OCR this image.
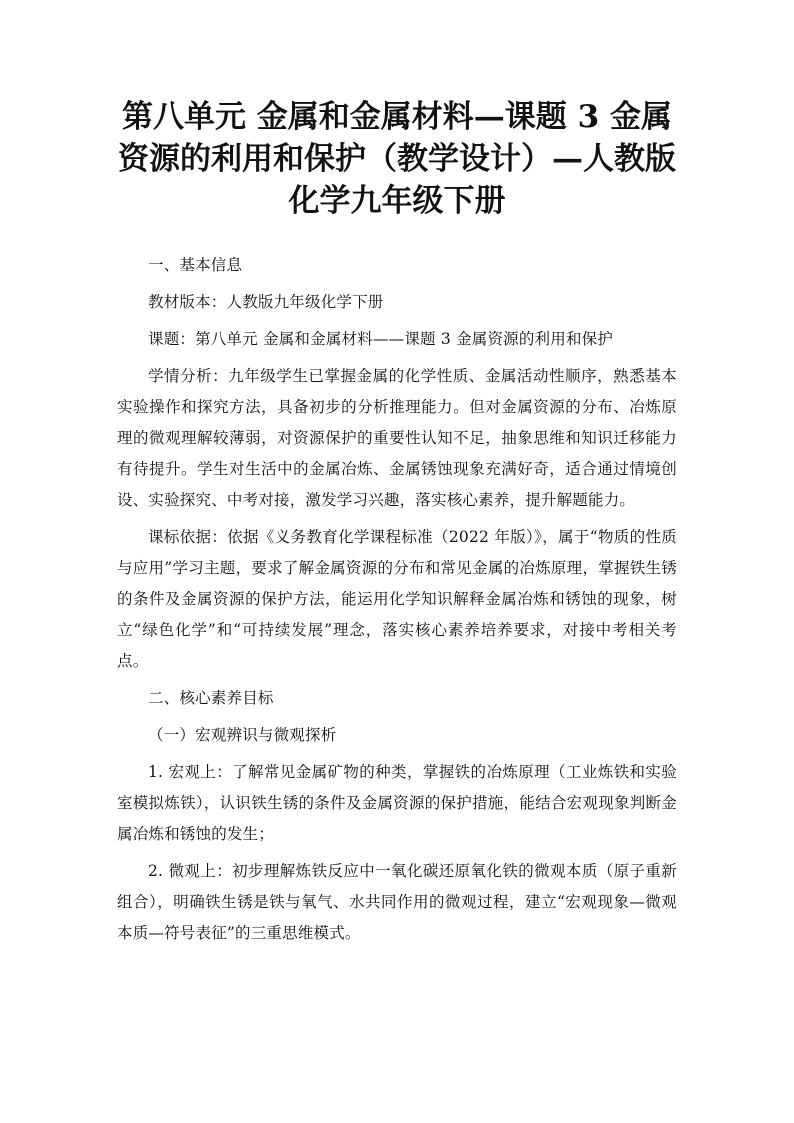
第八单元 金属和金属材料—课题 3 金属资源的利用和保护（教学设计）—人教版化学九年级下册

一、基本信息

教材版本：人教版九年级化学下册

课题：第八单元 金属和金属材料——课题 3 金属资源的利用和保护

学情分析：九年级学生已掌握金属的化学性质、金属活动性顺序，熟悉基本实验操作和探究方法，具备初步的分析推理能力。但对金属资源的分布、冶炼原理的微观理解较薄弱，对资源保护的重要性认知不足，抽象思维和知识迁移能力有待提升。学生对生活中的金属冶炼、金属锈蚀现象充满好奇，适合通过情境创设、实验探究、中考对接，激发学习兴趣，落实核心素养，提升解题能力。

课标依据：依据《义务教育化学课程标准（2022 年版）》，属于“物质的性质与应用”学习主题，要求了解金属资源的分布和常见金属的冶炼原理，掌握铁生锈的条件及金属资源的保护方法，能运用化学知识解释金属冶炼和锈蚀的现象，树立“绿色化学”和“可持续发展”理念，落实核心素养培养要求，对接中考相关考点。

二、核心素养目标

（一）宏观辨识与微观探析

1. 宏观上：了解常见金属矿物的种类，掌握铁的冶炼原理（工业炼铁和实验室模拟炼铁），认识铁生锈的条件及金属资源的保护措施，能结合宏观现象判断金属冶炼和锈蚀的发生；

2. 微观上：初步理解炼铁反应中一氧化碳还原氧化铁的微观本质（原子重新组合），明确铁生锈是铁与氧气、水共同作用的微观过程，建立“宏观现象—微观本质—符号表征”的三重思维模式。
